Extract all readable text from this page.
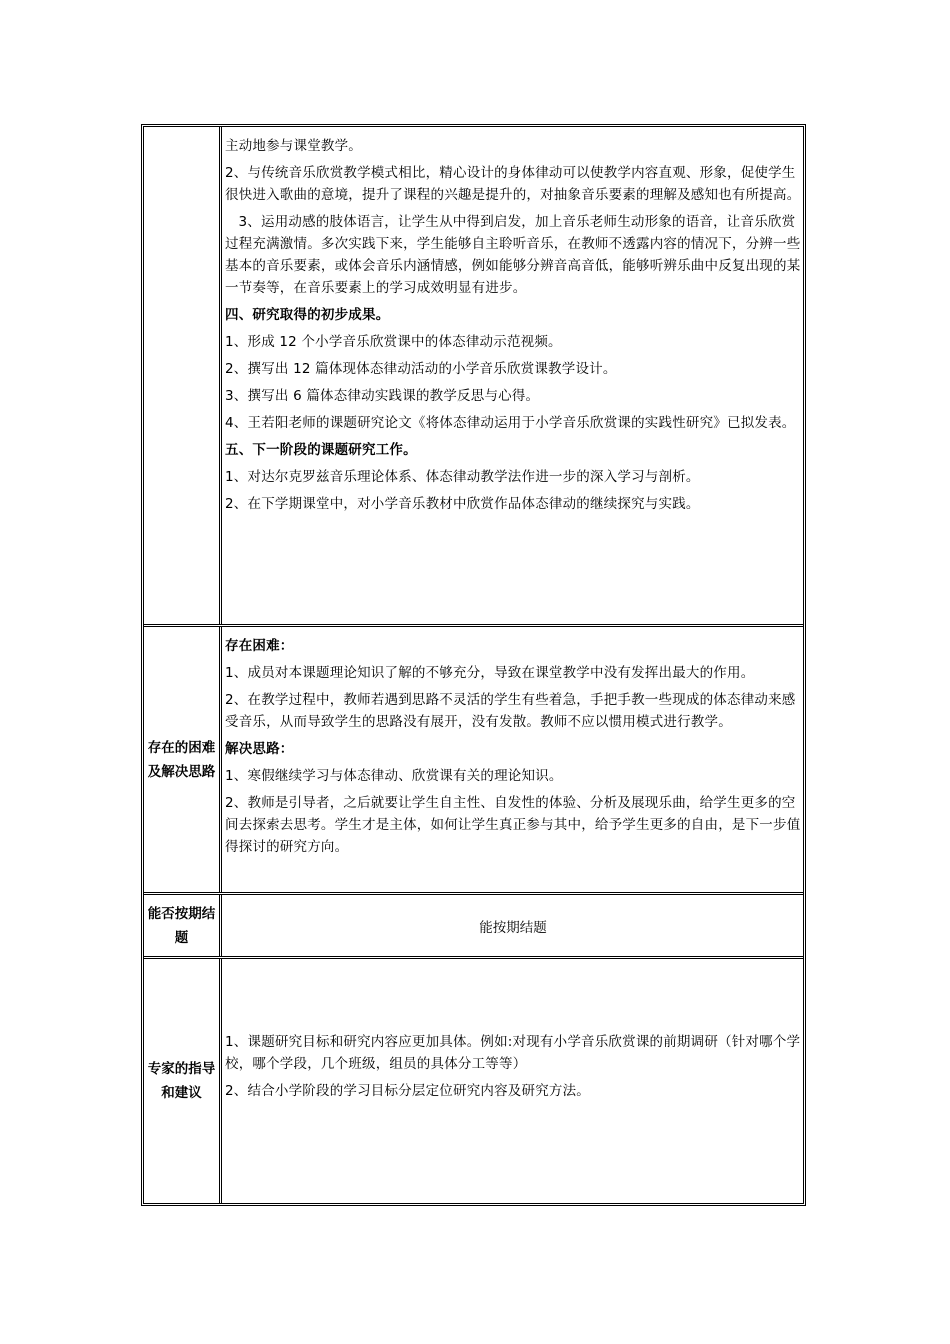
主动地参与课堂教学。

2、与传统音乐欣赏教学模式相比，精心设计的身体律动可以使教学内容直观、形象，促使学生很快进入歌曲的意境，提升了课程的兴趣是提升的，对抽象音乐要素的理解及感知也有所提高。

3、运用动感的肢体语言，让学生从中得到启发，加上音乐老师生动形象的语音，让音乐欣赏过程充满激情。多次实践下来，学生能够自主聆听音乐，在教师不透露内容的情况下，分辨一些基本的音乐要素，或体会音乐内涵情感，例如能够分辨音高音低，能够听辨乐曲中反复出现的某一节奏等，在音乐要素上的学习成效明显有进步。

四、研究取得的初步成果。

1、形成 12 个小学音乐欣赏课中的体态律动示范视频。

2、撰写出 12 篇体现体态律动活动的小学音乐欣赏课教学设计。

3、撰写出 6 篇体态律动实践课的教学反思与心得。

4、王若阳老师的课题研究论文《将体态律动运用于小学音乐欣赏课的实践性研究》已拟发表。

五、下一阶段的课题研究工作。

1、对达尔克罗兹音乐理论体系、体态律动教学法作进一步的深入学习与剖析。

2、在下学期课堂中，对小学音乐教材中欣赏作品体态律动的继续探究与实践。

存在的困难及解决思路

存在困难：

1、成员对本课题理论知识了解的不够充分，导致在课堂教学中没有发挥出最大的作用。

2、在教学过程中，教师若遇到思路不灵活的学生有些着急，手把手教一些现成的体态律动来感受音乐，从而导致学生的思路没有展开，没有发散。教师不应以惯用模式进行教学。

解决思路：

1、寒假继续学习与体态律动、欣赏课有关的理论知识。

2、教师是引导者，之后就要让学生自主性、自发性的体验、分析及展现乐曲，给学生更多的空间去探索去思考。学生才是主体，如何让学生真正参与其中，给予学生更多的自由，是下一步值得探讨的研究方向。

能否按期结题
能按期结题
专家的指导和建议

1、课题研究目标和研究内容应更加具体。例如:对现有小学音乐欣赏课的前期调研（针对哪个学校，哪个学段，几个班级，组员的具体分工等等）

2、结合小学阶段的学习目标分层定位研究内容及研究方法。
